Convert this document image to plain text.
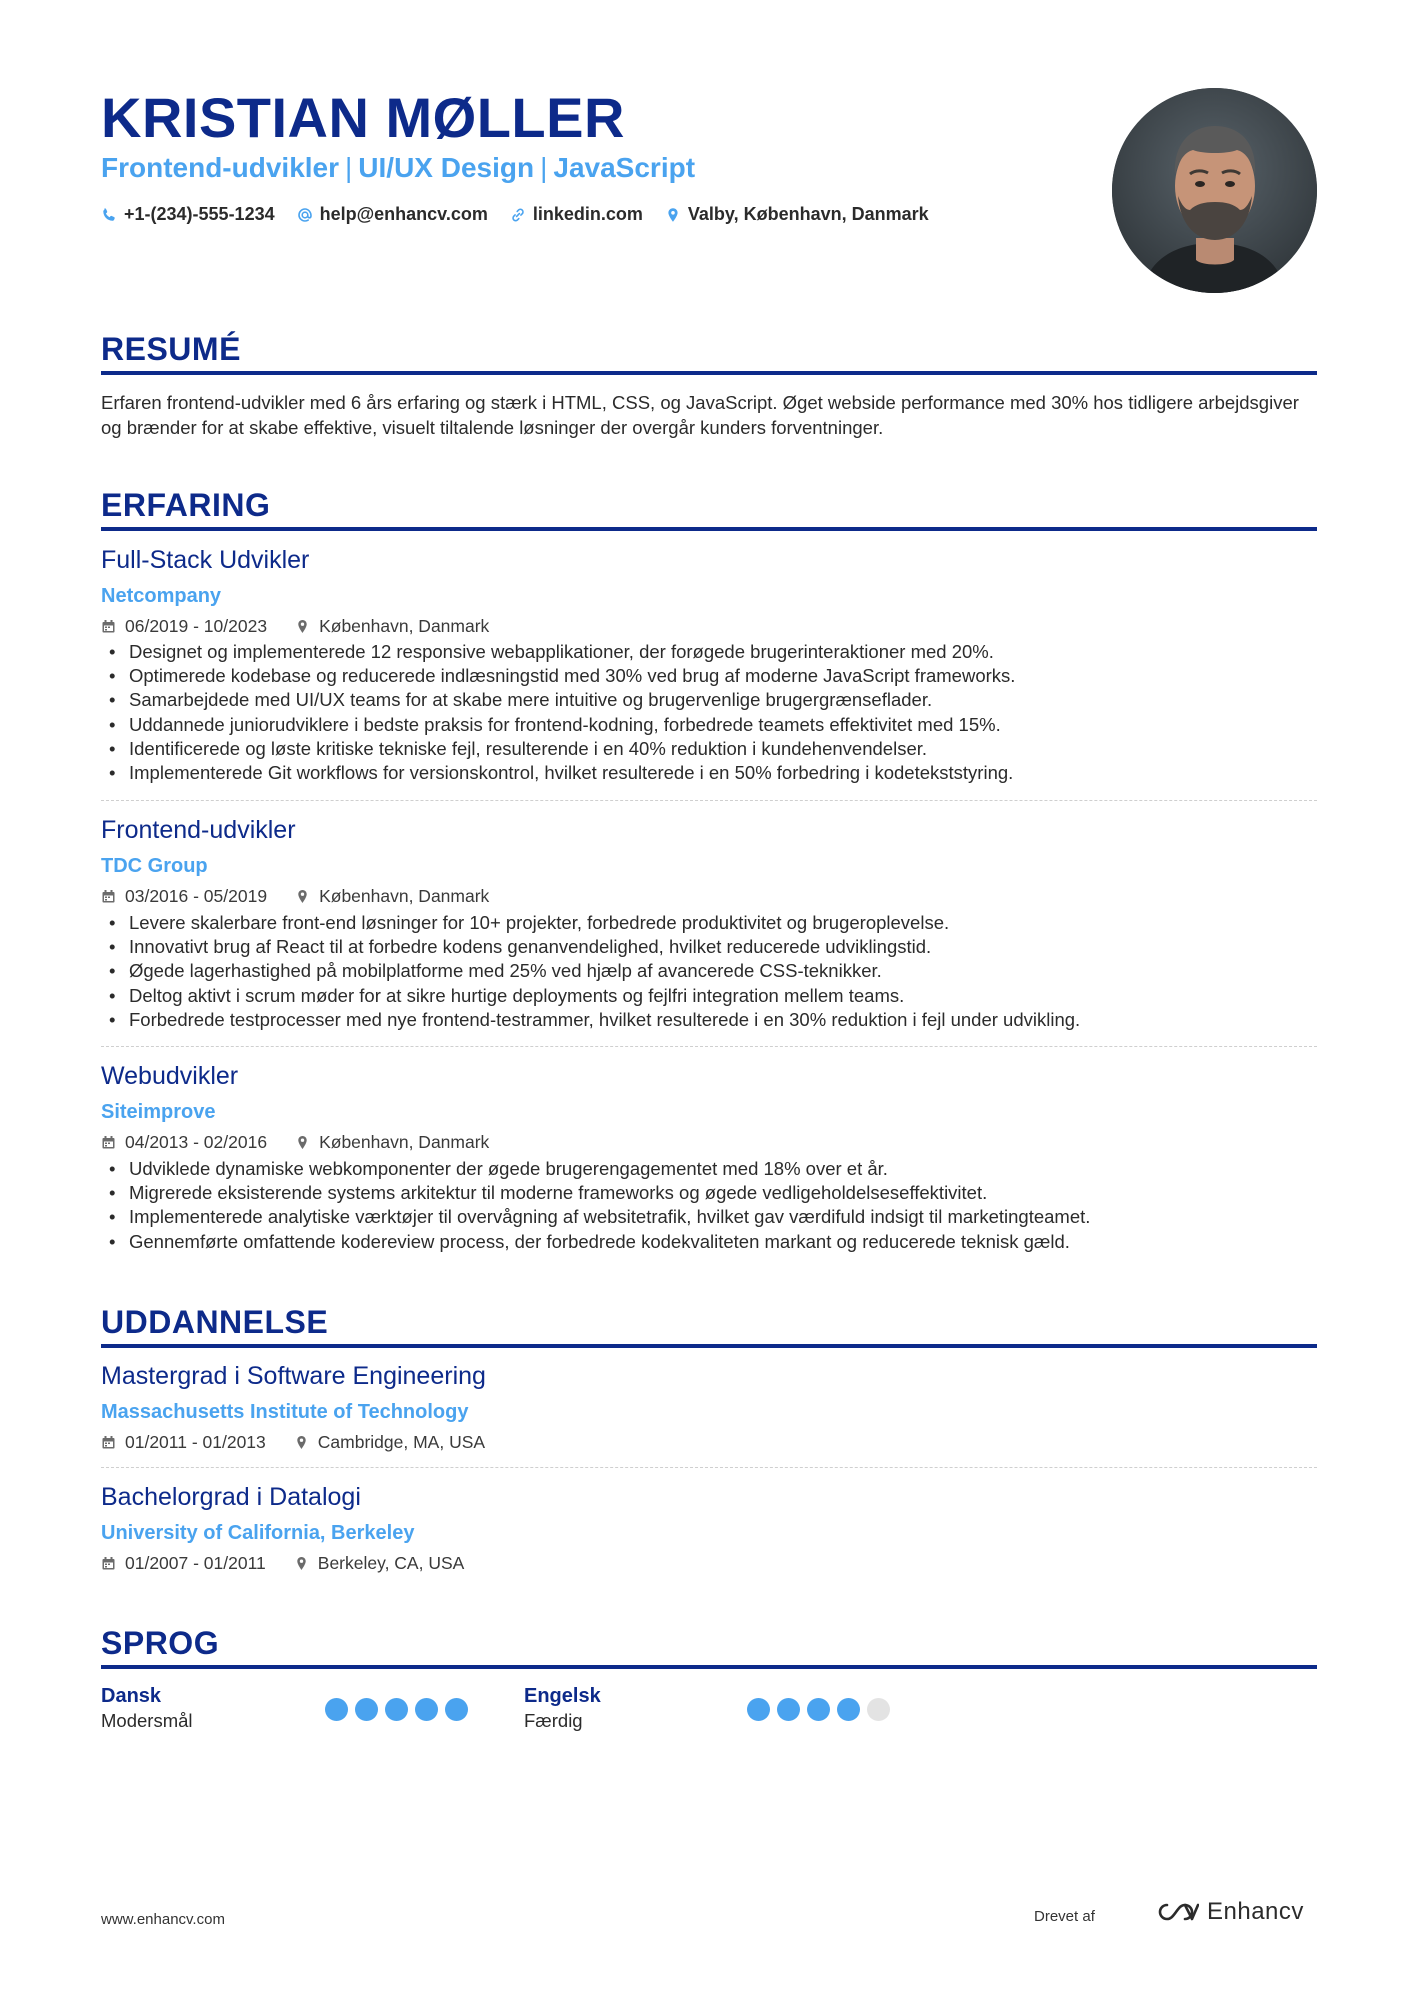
KRISTIAN MØLLER
Frontend-udvikler | UI/UX Design | JavaScript
+1-(234)-555-1234	help@enhancv.com	linkedin.com	Valby, København, Danmark
RESUMÉ
Erfaren frontend-udvikler med 6 års erfaring og stærk i HTML, CSS, og JavaScript. Øget webside performance med 30% hos tidligere arbejdsgiver og brænder for at skabe effektive, visuelt tiltalende løsninger der overgår kunders forventninger.
ERFARING
Full-Stack Udvikler
Netcompany
06/2019 - 10/2023	København, Danmark
• Designet og implementerede 12 responsive webapplikationer, der forøgede brugerinteraktioner med 20%.
• Optimerede kodebase og reducerede indlæsningstid med 30% ved brug af moderne JavaScript frameworks.
• Samarbejdede med UI/UX teams for at skabe mere intuitive og brugervenlige brugergrænseflader.
• Uddannede juniorudviklere i bedste praksis for frontend-kodning, forbedrede teamets effektivitet med 15%.
• Identificerede og løste kritiske tekniske fejl, resulterende i en 40% reduktion i kundehenvendelser.
• Implementerede Git workflows for versionskontrol, hvilket resulterede i en 50% forbedring i kodetekststyring.
Frontend-udvikler
TDC Group
03/2016 - 05/2019	København, Danmark
• Levere skalerbare front-end løsninger for 10+ projekter, forbedrede produktivitet og brugeroplevelse.
• Innovativt brug af React til at forbedre kodens genanvendelighed, hvilket reducerede udviklingstid.
• Øgede lagerhastighed på mobilplatforme med 25% ved hjælp af avancerede CSS-teknikker.
• Deltog aktivt i scrum møder for at sikre hurtige deployments og fejlfri integration mellem teams.
• Forbedrede testprocesser med nye frontend-testrammer, hvilket resulterede i en 30% reduktion i fejl under udvikling.
Webudvikler
Siteimprove
04/2013 - 02/2016	København, Danmark
• Udviklede dynamiske webkomponenter der øgede brugerengagementet med 18% over et år.
• Migrerede eksisterende systems arkitektur til moderne frameworks og øgede vedligeholdelseseffektivitet.
• Implementerede analytiske værktøjer til overvågning af websitetrafik, hvilket gav værdifuld indsigt til marketingteamet.
• Gennemførte omfattende kodereview process, der forbedrede kodekvaliteten markant og reducerede teknisk gæld.
UDDANNELSE
Mastergrad i Software Engineering
Massachusetts Institute of Technology
01/2011 - 01/2013	Cambridge, MA, USA
Bachelorgrad i Datalogi
University of California, Berkeley
01/2007 - 01/2011	Berkeley, CA, USA
SPROG
Dansk
Modersmål
Engelsk
Færdig
www.enhancv.com	Drevet af	Enhancv
